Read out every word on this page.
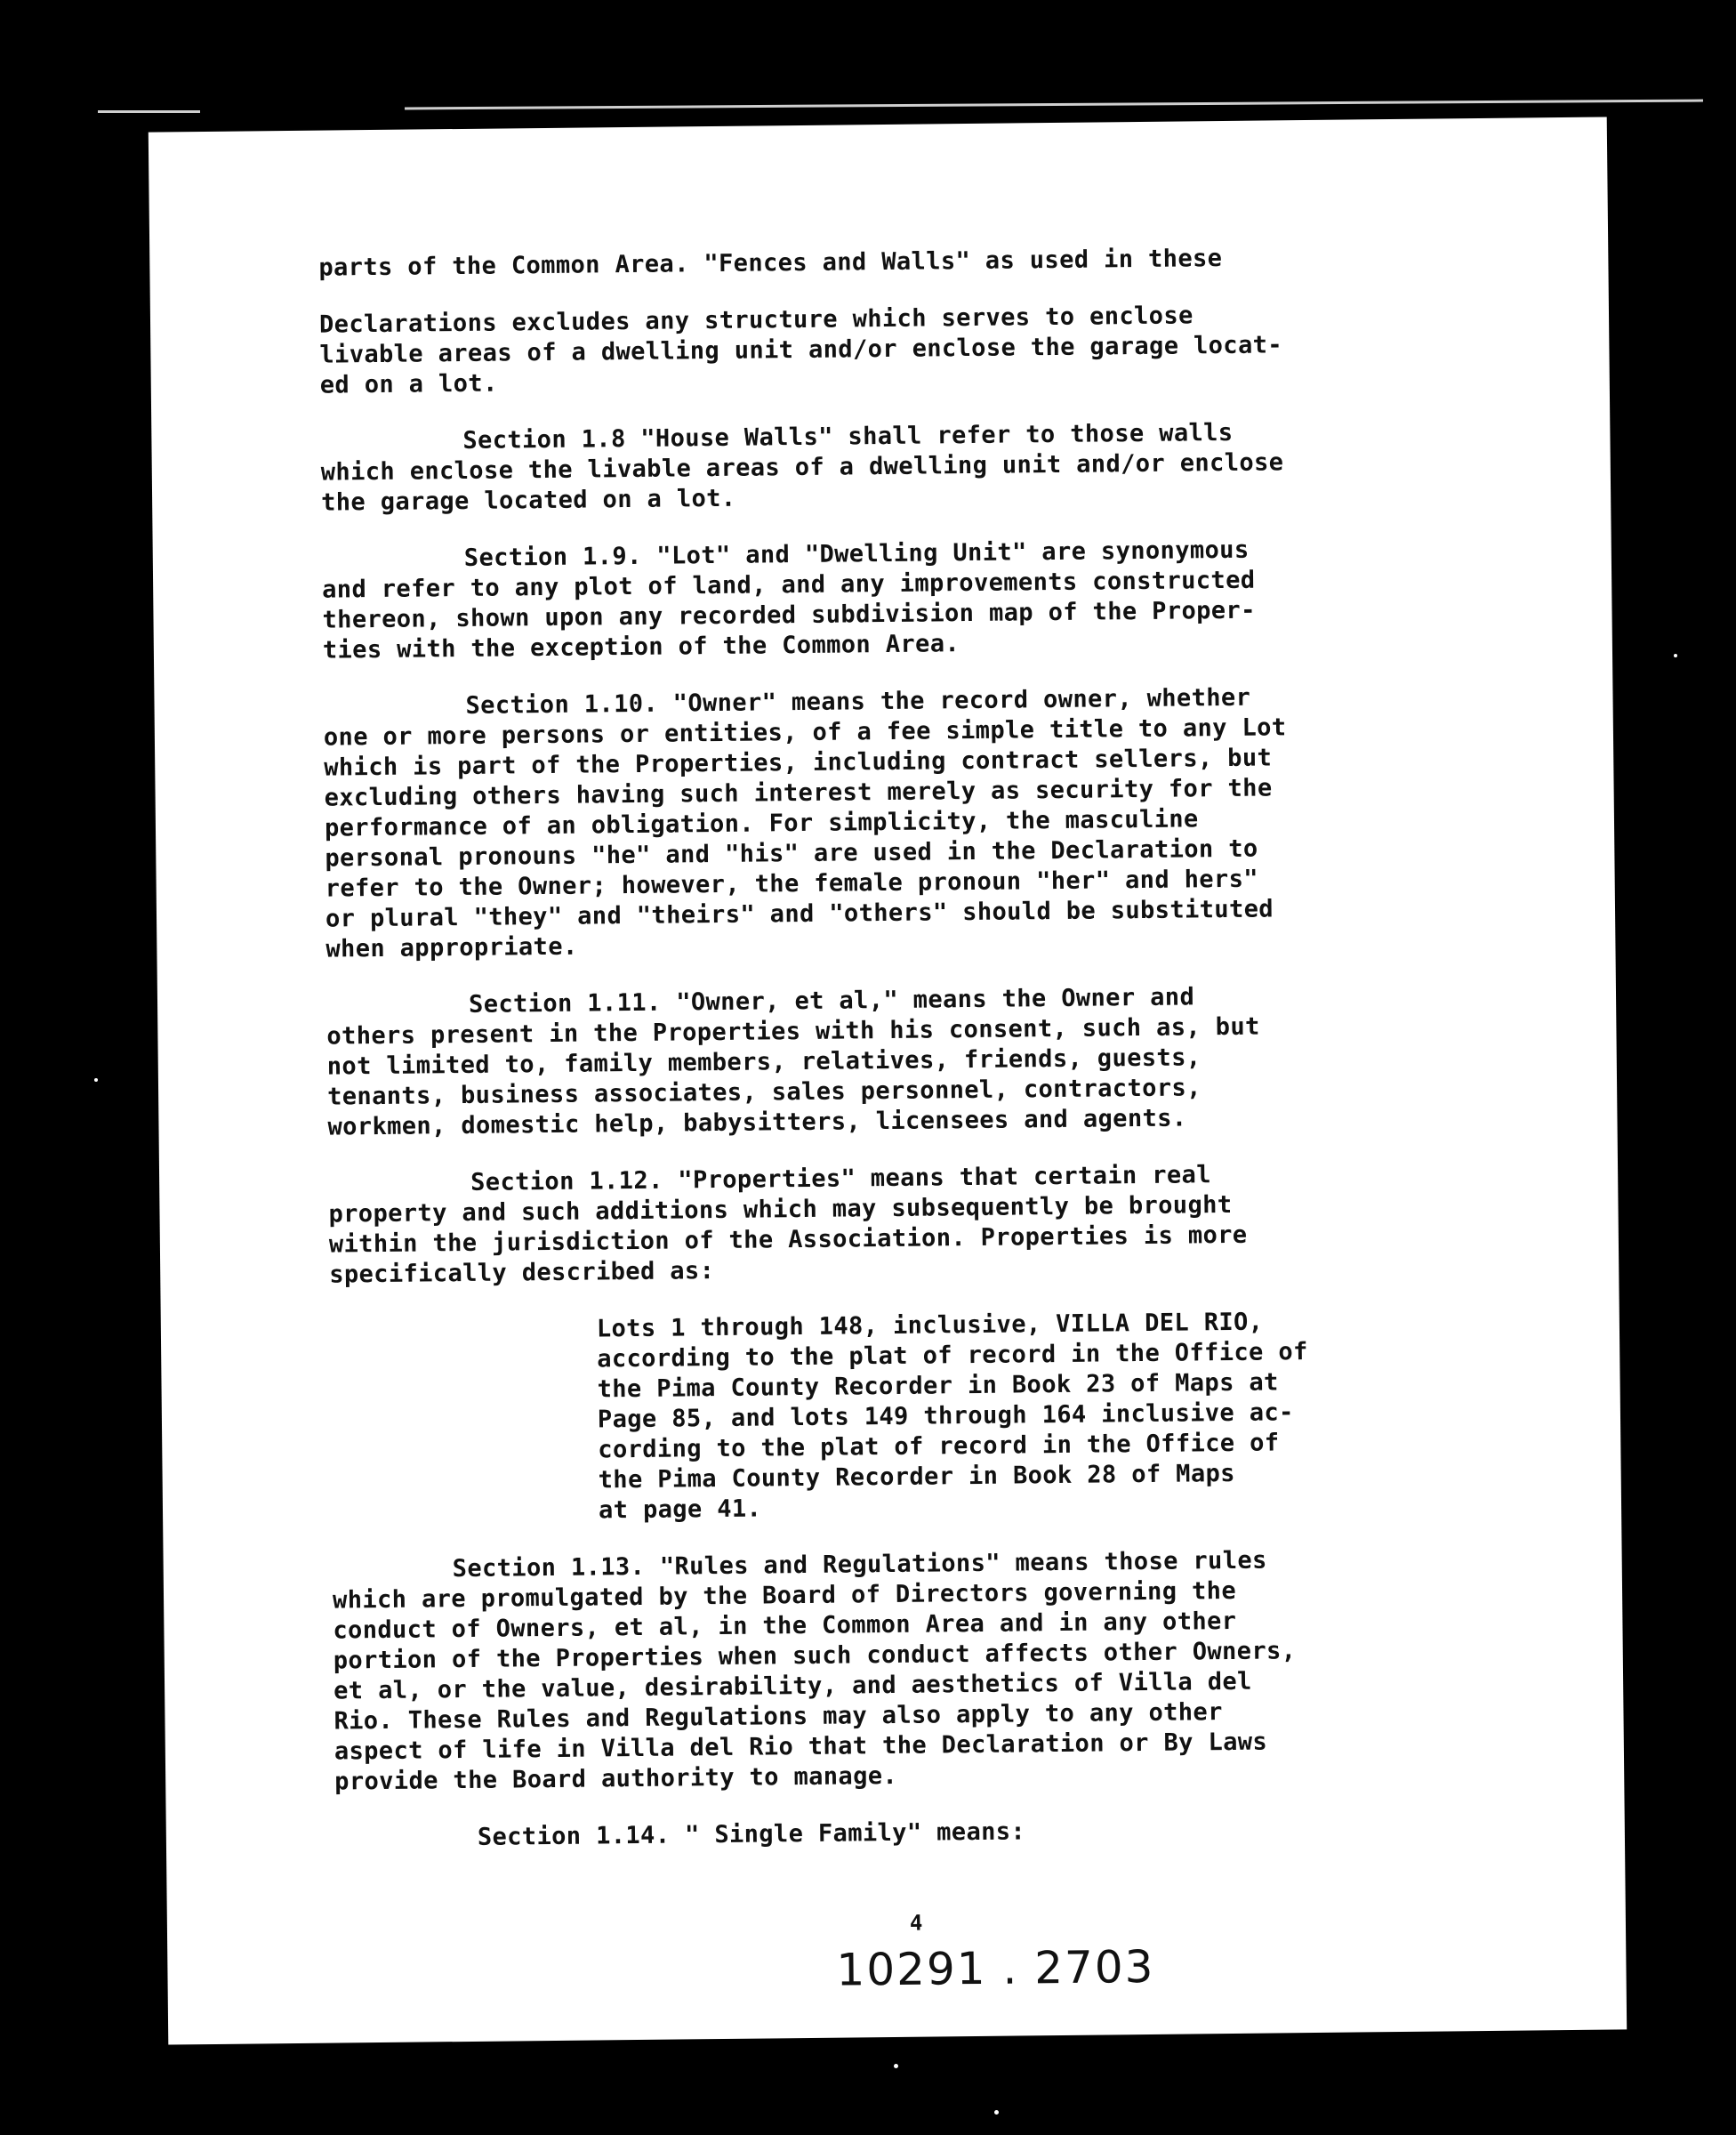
parts of the Common Area. "Fences and Walls" as used in these

Declarations excludes any structure which serves to enclose
livable areas of a dwelling unit and/or enclose the garage locat-
ed on a lot.

Section 1.8 "House Walls" shall refer to those walls
which enclose the livable areas of a dwelling unit and/or enclose
the garage located on a lot.

Section 1.9. "Lot" and "Dwelling Unit" are synonymous
and refer to any plot of land, and any improvements constructed
thereon, shown upon any recorded subdivision map of the Proper-
ties with the exception of the Common Area.

Section 1.10. "Owner" means the record owner, whether
one or more persons or entities, of a fee simple title to any Lot
which is part of the Properties, including contract sellers, but
excluding others having such interest merely as security for the
performance of an obligation. For simplicity, the masculine
personal pronouns "he" and "his" are used in the Declaration to
refer to the Owner; however, the female pronoun "her" and hers"
or plural "they" and "theirs" and "others" should be substituted
when appropriate.

Section 1.11. "Owner, et al," means the Owner and
others present in the Properties with his consent, such as, but
not limited to, family members, relatives, friends, guests,
tenants, business associates, sales personnel, contractors,
workmen, domestic help, babysitters, licensees and agents.

Section 1.12. "Properties" means that certain real
property and such additions which may subsequently be brought
within the jurisdiction of the Association. Properties is more
specifically described as:

Lots 1 through 148, inclusive, VILLA DEL RIO,
according to the plat of record in the Office of
the Pima County Recorder in Book 23 of Maps at
Page 85, and lots 149 through 164 inclusive ac-
cording to the plat of record in the Office of
the Pima County Recorder in Book 28 of Maps
at page 41.

Section 1.13. "Rules and Regulations" means those rules
which are promulgated by the Board of Directors governing the
conduct of Owners, et al, in the Common Area and in any other
portion of the Properties when such conduct affects other Owners,
et al, or the value, desirability, and aesthetics of Villa del
Rio. These Rules and Regulations may also apply to any other
aspect of life in Villa del Rio that the Declaration or By Laws
provide the Board authority to manage.

Section 1.14. " Single Family" means:

4
10291 . 2703
